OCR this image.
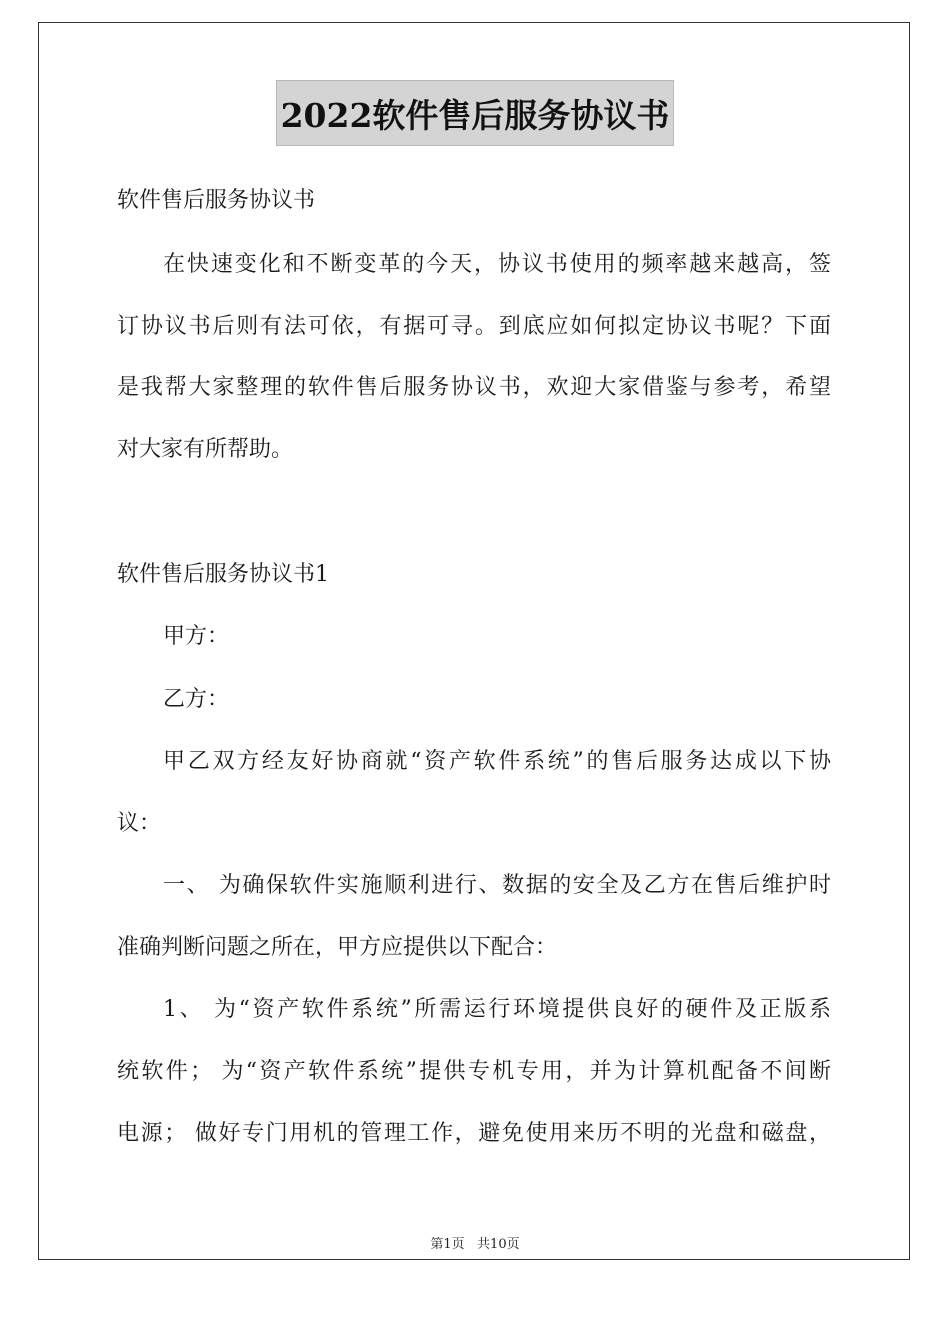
2022软件售后服务协议书
软件售后服务协议书
在快速变化和不断变革的今天，协议书使用的频率越来越高，签
订协议书后则有法可依，有据可寻。到底应如何拟定协议书呢？下面
是我帮大家整理的软件售后服务协议书，欢迎大家借鉴与参考，希望
对大家有所帮助。
软件售后服务协议书1
甲方：
乙方：
甲乙双方经友好协商就“资产软件系统”的售后服务达成以下协
议：
一、 为确保软件实施顺利进行、数据的安全及乙方在售后维护时
准确判断问题之所在，甲方应提供以下配合：
1、 为“资产软件系统”所需运行环境提供良好的硬件及正版系
统软件； 为“资产软件系统”提供专机专用，并为计算机配备不间断
电源； 做好专门用机的管理工作，避免使用来历不明的光盘和磁盘，
第1页   共10页
